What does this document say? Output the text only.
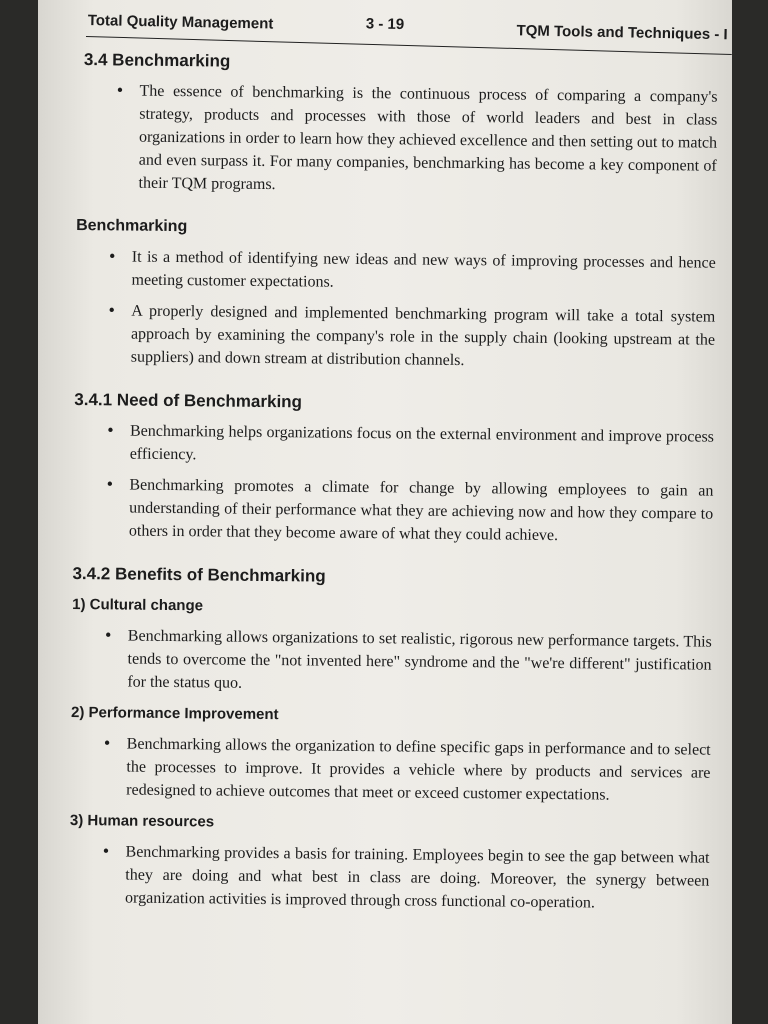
Total Quality Management	3 - 19	TQM Tools and Techniques - I
3.4 Benchmarking
• The essence of benchmarking is the continuous process of comparing a company's strategy, products and processes with those of world leaders and best in class organizations in order to learn how they achieved excellence and then setting out to match and even surpass it. For many companies, benchmarking has become a key component of their TQM programs.
Benchmarking
• It is a method of identifying new ideas and new ways of improving processes and hence meeting customer expectations.
• A properly designed and implemented benchmarking program will take a total system approach by examining the company's role in the supply chain (looking upstream at the suppliers) and down stream at distribution channels.
3.4.1 Need of Benchmarking
• Benchmarking helps organizations focus on the external environment and improve process efficiency.
• Benchmarking promotes a climate for change by allowing employees to gain an understanding of their performance what they are achieving now and how they compare to others in order that they become aware of what they could achieve.
3.4.2 Benefits of Benchmarking
1) Cultural change
• Benchmarking allows organizations to set realistic, rigorous new performance targets. This tends to overcome the "not invented here" syndrome and the "we're different" justification for the status quo.
2) Performance Improvement
• Benchmarking allows the organization to define specific gaps in performance and to select the processes to improve. It provides a vehicle where by products and services are redesigned to achieve outcomes that meet or exceed customer expectations.
3) Human resources
• Benchmarking provides a basis for training. Employees begin to see the gap between what they are doing and what best in class are doing. Moreover, the synergy between organization activities is improved through cross functional co-operation.
